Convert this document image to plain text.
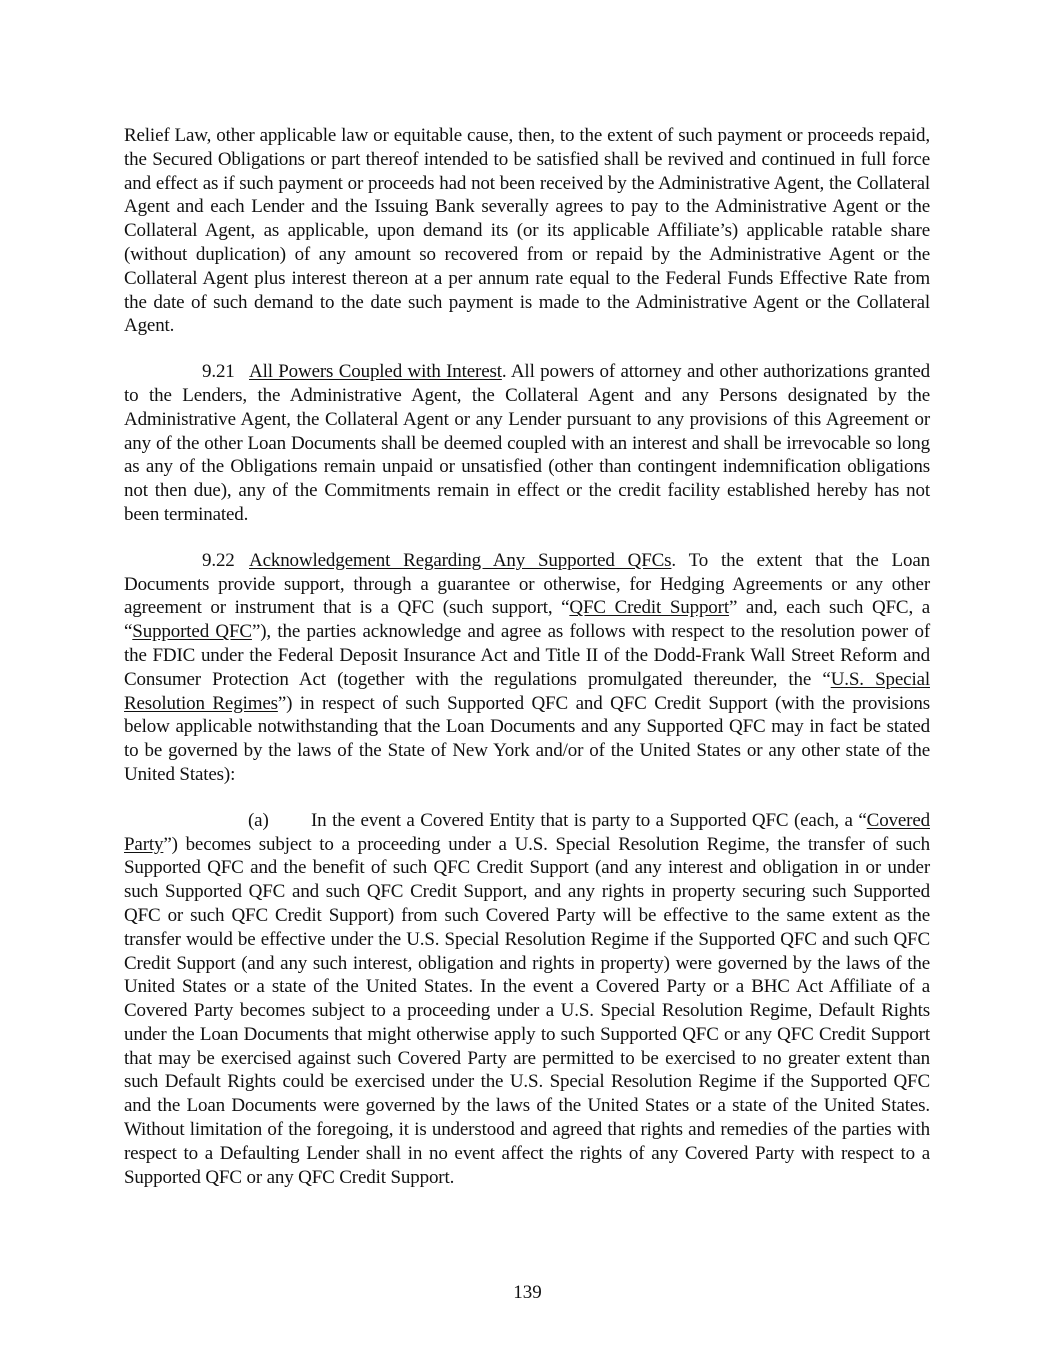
Relief Law, other applicable law or equitable cause, then, to the extent of such payment or proceeds repaid, the Secured Obligations or part thereof intended to be satisfied shall be revived and continued in full force and effect as if such payment or proceeds had not been received by the Administrative Agent, the Collateral Agent and each Lender and the Issuing Bank severally agrees to pay to the Administrative Agent or the Collateral Agent, as applicable, upon demand its (or its applicable Affiliate’s) applicable ratable share (without duplication) of any amount so recovered from or repaid by the Administrative Agent or the Collateral Agent plus interest thereon at a per annum rate equal to the Federal Funds Effective Rate from the date of such demand to the date such payment is made to the Administrative Agent or the Collateral Agent.

9.21 All Powers Coupled with Interest. All powers of attorney and other authorizations granted to the Lenders, the Administrative Agent, the Collateral Agent and any Persons designated by the Administrative Agent, the Collateral Agent or any Lender pursuant to any provisions of this Agreement or any of the other Loan Documents shall be deemed coupled with an interest and shall be irrevocable so long as any of the Obligations remain unpaid or unsatisfied (other than contingent indemnification obligations not then due), any of the Commitments remain in effect or the credit facility established hereby has not been terminated.

9.22 Acknowledgement Regarding Any Supported QFCs. To the extent that the Loan Documents provide support, through a guarantee or otherwise, for Hedging Agreements or any other agreement or instrument that is a QFC (such support, “QFC Credit Support” and, each such QFC, a “Supported QFC”), the parties acknowledge and agree as follows with respect to the resolution power of the FDIC under the Federal Deposit Insurance Act and Title II of the Dodd-Frank Wall Street Reform and Consumer Protection Act (together with the regulations promulgated thereunder, the “U.S. Special Resolution Regimes”) in respect of such Supported QFC and QFC Credit Support (with the provisions below applicable notwithstanding that the Loan Documents and any Supported QFC may in fact be stated to be governed by the laws of the State of New York and/or of the United States or any other state of the United States):

(a) In the event a Covered Entity that is party to a Supported QFC (each, a “Covered Party”) becomes subject to a proceeding under a U.S. Special Resolution Regime, the transfer of such Supported QFC and the benefit of such QFC Credit Support (and any interest and obligation in or under such Supported QFC and such QFC Credit Support, and any rights in property securing such Supported QFC or such QFC Credit Support) from such Covered Party will be effective to the same extent as the transfer would be effective under the U.S. Special Resolution Regime if the Supported QFC and such QFC Credit Support (and any such interest, obligation and rights in property) were governed by the laws of the United States or a state of the United States. In the event a Covered Party or a BHC Act Affiliate of a Covered Party becomes subject to a proceeding under a U.S. Special Resolution Regime, Default Rights under the Loan Documents that might otherwise apply to such Supported QFC or any QFC Credit Support that may be exercised against such Covered Party are permitted to be exercised to no greater extent than such Default Rights could be exercised under the U.S. Special Resolution Regime if the Supported QFC and the Loan Documents were governed by the laws of the United States or a state of the United States. Without limitation of the foregoing, it is understood and agreed that rights and remedies of the parties with respect to a Defaulting Lender shall in no event affect the rights of any Covered Party with respect to a Supported QFC or any QFC Credit Support.

139
